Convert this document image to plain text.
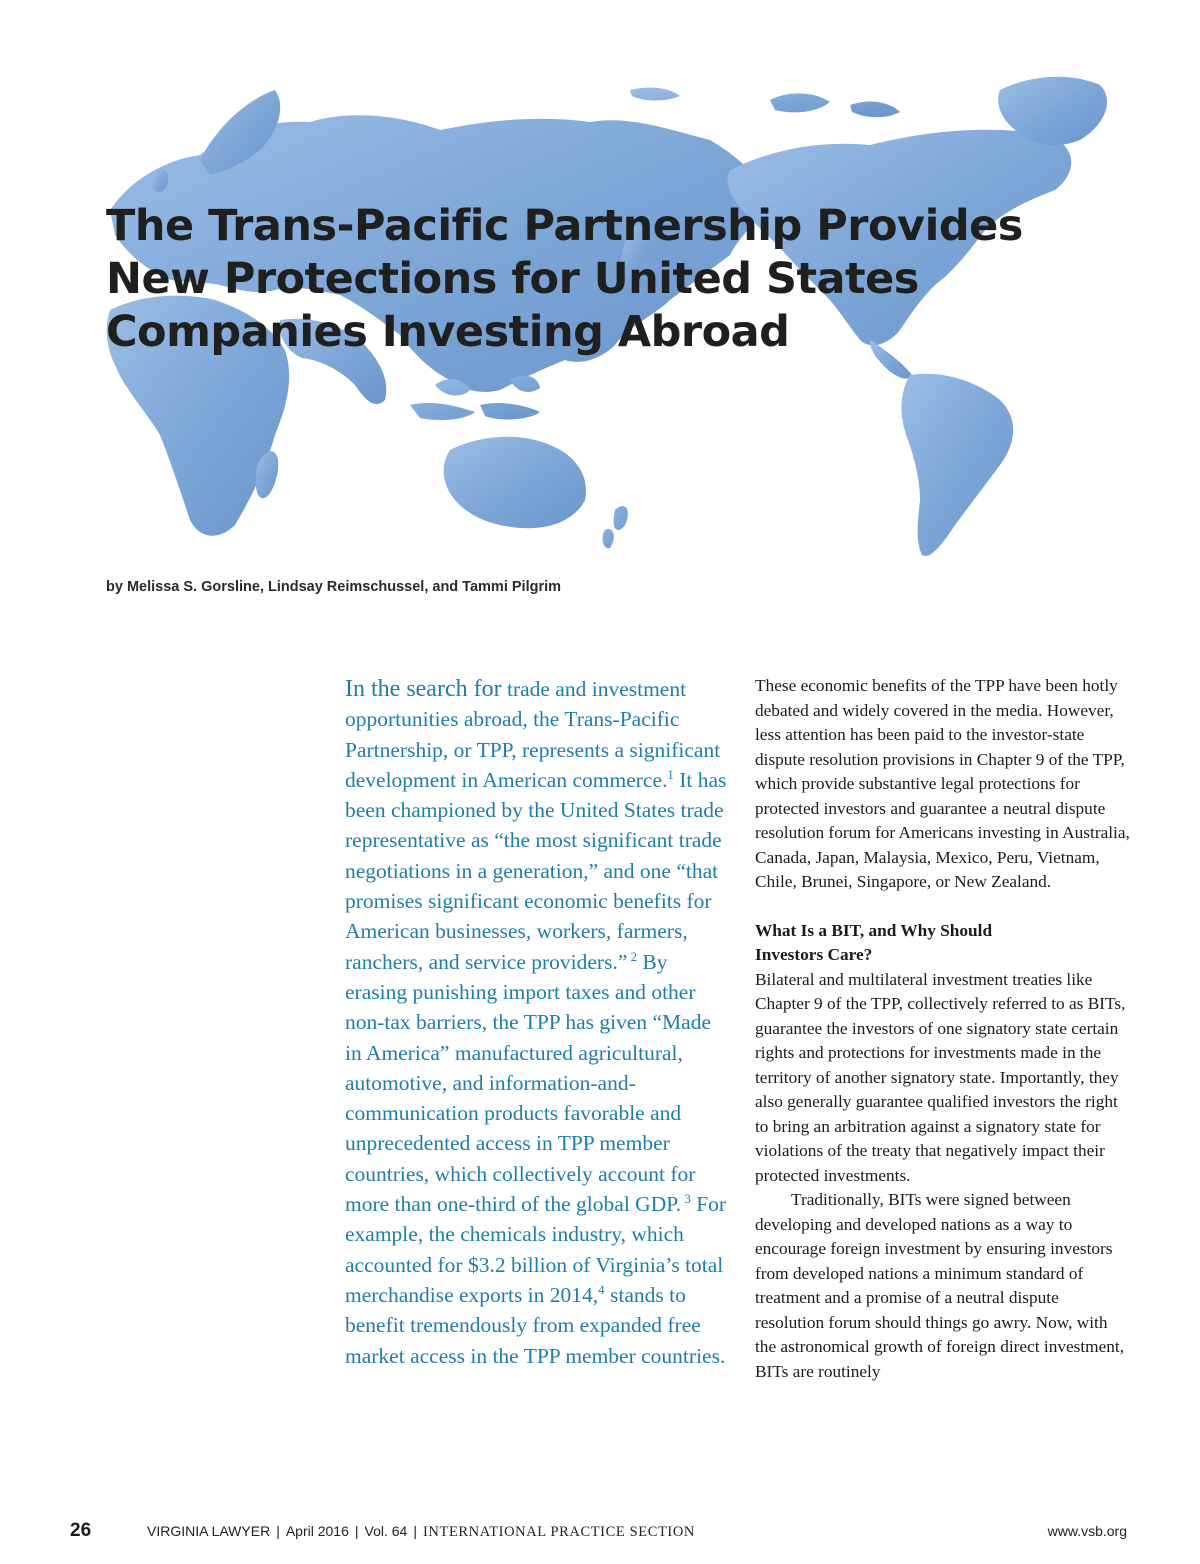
The Trans-Pacific Partnership Provides New Protections for United States Companies Investing Abroad
by Melissa S. Gorsline, Lindsay Reimschussel, and Tammi Pilgrim

In the search for trade and investment opportunities abroad, the Trans-Pacific Partnership, or TPP, represents a significant development in American commerce.$^1$ It has been championed by the United States trade representative as “the most significant trade negotiations in a generation,” and one “that promises significant economic benefits for American businesses, workers, farmers, ranchers, and service providers.” $^2$ By erasing punishing import taxes and other non-tax barriers, the TPP has given “Made in America” manufactured agricultural, automotive, and information-and-communication products favorable and unprecedented access in TPP member countries, which collectively account for more than one-third of the global GDP. $^3$ For example, the chemicals industry, which accounted for $3.2 billion of Virginia’s total merchandise exports in 2014,$^4$ stands to benefit tremendously from expanded free market access in the TPP member countries.

These economic benefits of the TPP have been hotly debated and widely covered in the media. However, less attention has been paid to the investor-state dispute resolution provisions in Chapter 9 of the TPP, which provide substantive legal protections for protected investors and guarantee a neutral dispute resolution forum for Americans investing in Australia, Canada, Japan, Malaysia, Mexico, Peru, Vietnam, Chile, Brunei, Singapore, or New Zealand.

What Is a BIT, and Why Should Investors Care?

Bilateral and multilateral investment treaties like Chapter 9 of the TPP, collectively referred to as BITs, guarantee the investors of one signatory state certain rights and protections for investments made in the territory of another signatory state. Importantly, they also generally guarantee qualified investors the right to bring an arbitration against a signatory state for violations of the treaty that negatively impact their protected investments.

Traditionally, BITs were signed between developing and developed nations as a way to encourage foreign investment by ensuring investors from developed nations a minimum standard of treatment and a promise of a neutral dispute resolution forum should things go awry. Now, with the astronomical growth of foreign direct investment, BITs are routinely

26	VIRGINIA LAWYER | April 2016 | Vol. 64 | INTERNATIONAL PRACTICE SECTION	www.vsb.org
